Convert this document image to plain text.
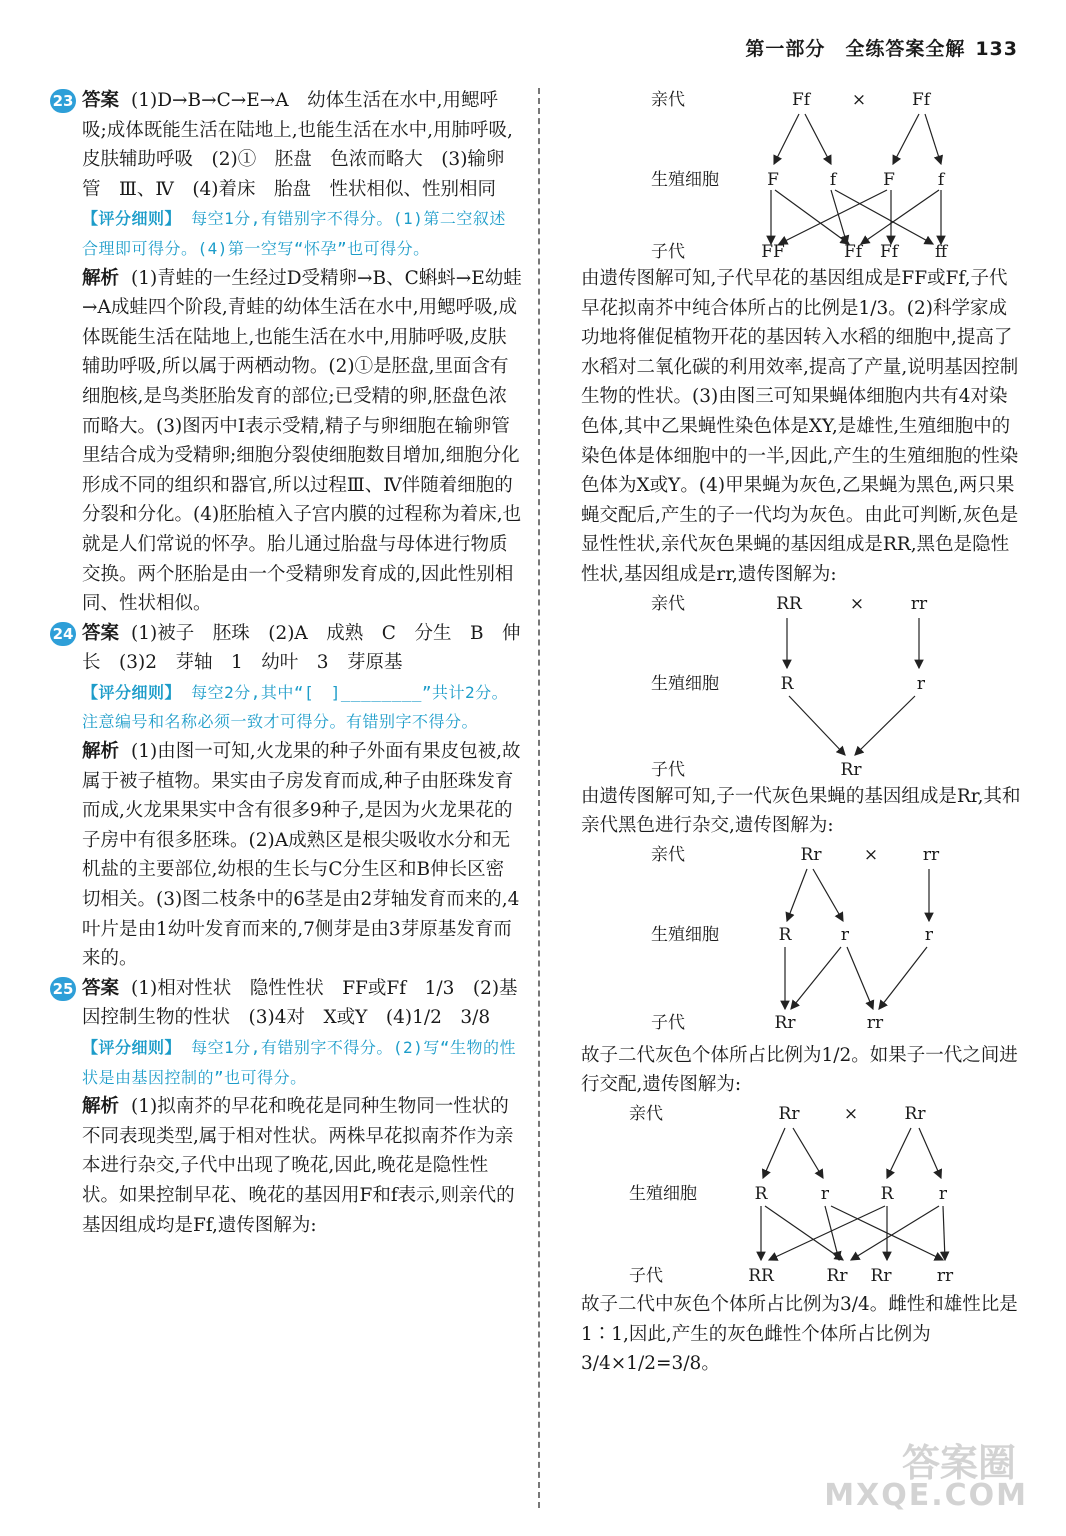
第一部分　全练答案全解 133
23 答案 (1)D→B→C→E→A　幼体生活在水中,用鳃呼吸;成体既能生活在陆地上,也能生活在水中,用肺呼吸,皮肤辅助呼吸　(2)①　胚盘　色浓而略大　(3)输卵管　Ⅲ、Ⅳ　(4)着床　胎盘　性状相似、性别相同
【评分细则】 每空1分,有错别字不得分。(1)第二空叙述合理即可得分。(4)第一空写“怀孕”也可得分。
解析 (1)青蛙的一生经过D受精卵→B、C蝌蚪→E幼蛙→A成蛙四个阶段,青蛙的幼体生活在水中,用鳃呼吸,成体既能生活在陆地上,也能生活在水中,用肺呼吸,皮肤辅助呼吸,所以属于两栖动物。(2)①是胚盘,里面含有细胞核,是鸟类胚胎发育的部位;已受精的卵,胚盘色浓而略大。(3)图丙中Ⅰ表示受精,精子与卵细胞在输卵管里结合成为受精卵;细胞分裂使细胞数目增加,细胞分化形成不同的组织和器官,所以过程Ⅲ、Ⅳ伴随着细胞的分裂和分化。(4)胚胎植入子宫内膜的过程称为着床,也就是人们常说的怀孕。胎儿通过胎盘与母体进行物质交换。两个胚胎是由一个受精卵发育成的,因此性别相同、性状相似。
24 答案 (1)被子　胚珠　(2)A　成熟　C　分生　B　伸长　(3)2　芽轴　1　幼叶　3　芽原基
【评分细则】 每空2分,其中“[　]________”共计2分。注意编号和名称必须一致才可得分。有错别字不得分。
解析 (1)由图一可知,火龙果的种子外面有果皮包被,故属于被子植物。果实由子房发育而成,种子由胚珠发育而成,火龙果果实中含有很多9种子,是因为火龙果花的子房中有很多胚珠。(2)A成熟区是根尖吸收水分和无机盐的主要部位,幼根的生长与C分生区和B伸长区密切相关。(3)图二枝条中的6茎是由2芽轴发育而来的,4叶片是由1幼叶发育而来的,7侧芽是由3芽原基发育而来的。
25 答案 (1)相对性状　隐性性状　FF或Ff　1/3　(2)基因控制生物的性状　(3)4对　X或Y　(4)1/2　3/8
【评分细则】 每空1分,有错别字不得分。(2)写“生物的性状是由基因控制的”也可得分。
解析 (1)拟南芥的早花和晚花是同种生物同一性状的不同表现类型,属于相对性状。两株早花拟南芥作为亲本进行杂交,子代中出现了晚花,因此,晚花是隐性性状。如果控制早花、晚花的基因用F和f表示,则亲代的基因组成均是Ff,遗传图解为:
亲代	Ff ×	Ff
生殖细胞	F	f	F	f
子代	FF	Ff Ff ff
由遗传图解可知,子代早花的基因组成是FF或Ff,子代早花拟南芥中纯合体所占的比例是1/3。(2)科学家成功地将催促植物开花的基因转入水稻的细胞中,提高了水稻对二氧化碳的利用效率,提高了产量,说明基因控制生物的性状。(3)由图三可知果蝇体细胞内共有4对染色体,其中乙果蝇性染色体是XY,是雄性,生殖细胞中的染色体是体细胞中的一半,因此,产生的生殖细胞的性染色体为X或Y。(4)甲果蝇为灰色,乙果蝇为黑色,两只果蝇交配后,产生的子一代均为灰色。由此可判断,灰色是显性性状,亲代灰色果蝇的基因组成是RR,黑色是隐性性状,基因组成是rr,遗传图解为:
亲代	RR	×	rr
生殖细胞	R	r
子代	Rr
由遗传图解可知,子一代灰色果蝇的基因组成是Rr,其和亲代黑色进行杂交,遗传图解为:
亲代	Rr ×	rr
生殖细胞	R	r	r
子代	Rr	rr
故子二代灰色个体所占比例为1/2。如果子一代之间进行交配,遗传图解为:
亲代	Rr	×	Rr
生殖细胞	R	r	R	r
子代	RR	Rr Rr	rr
故子二代中灰色个体所占比例为3/4。雌性和雄性比是1∶1,因此,产生的灰色雌性个体所占比例为3/4×1/2=3/8。
答案圈
MXQE.COM
